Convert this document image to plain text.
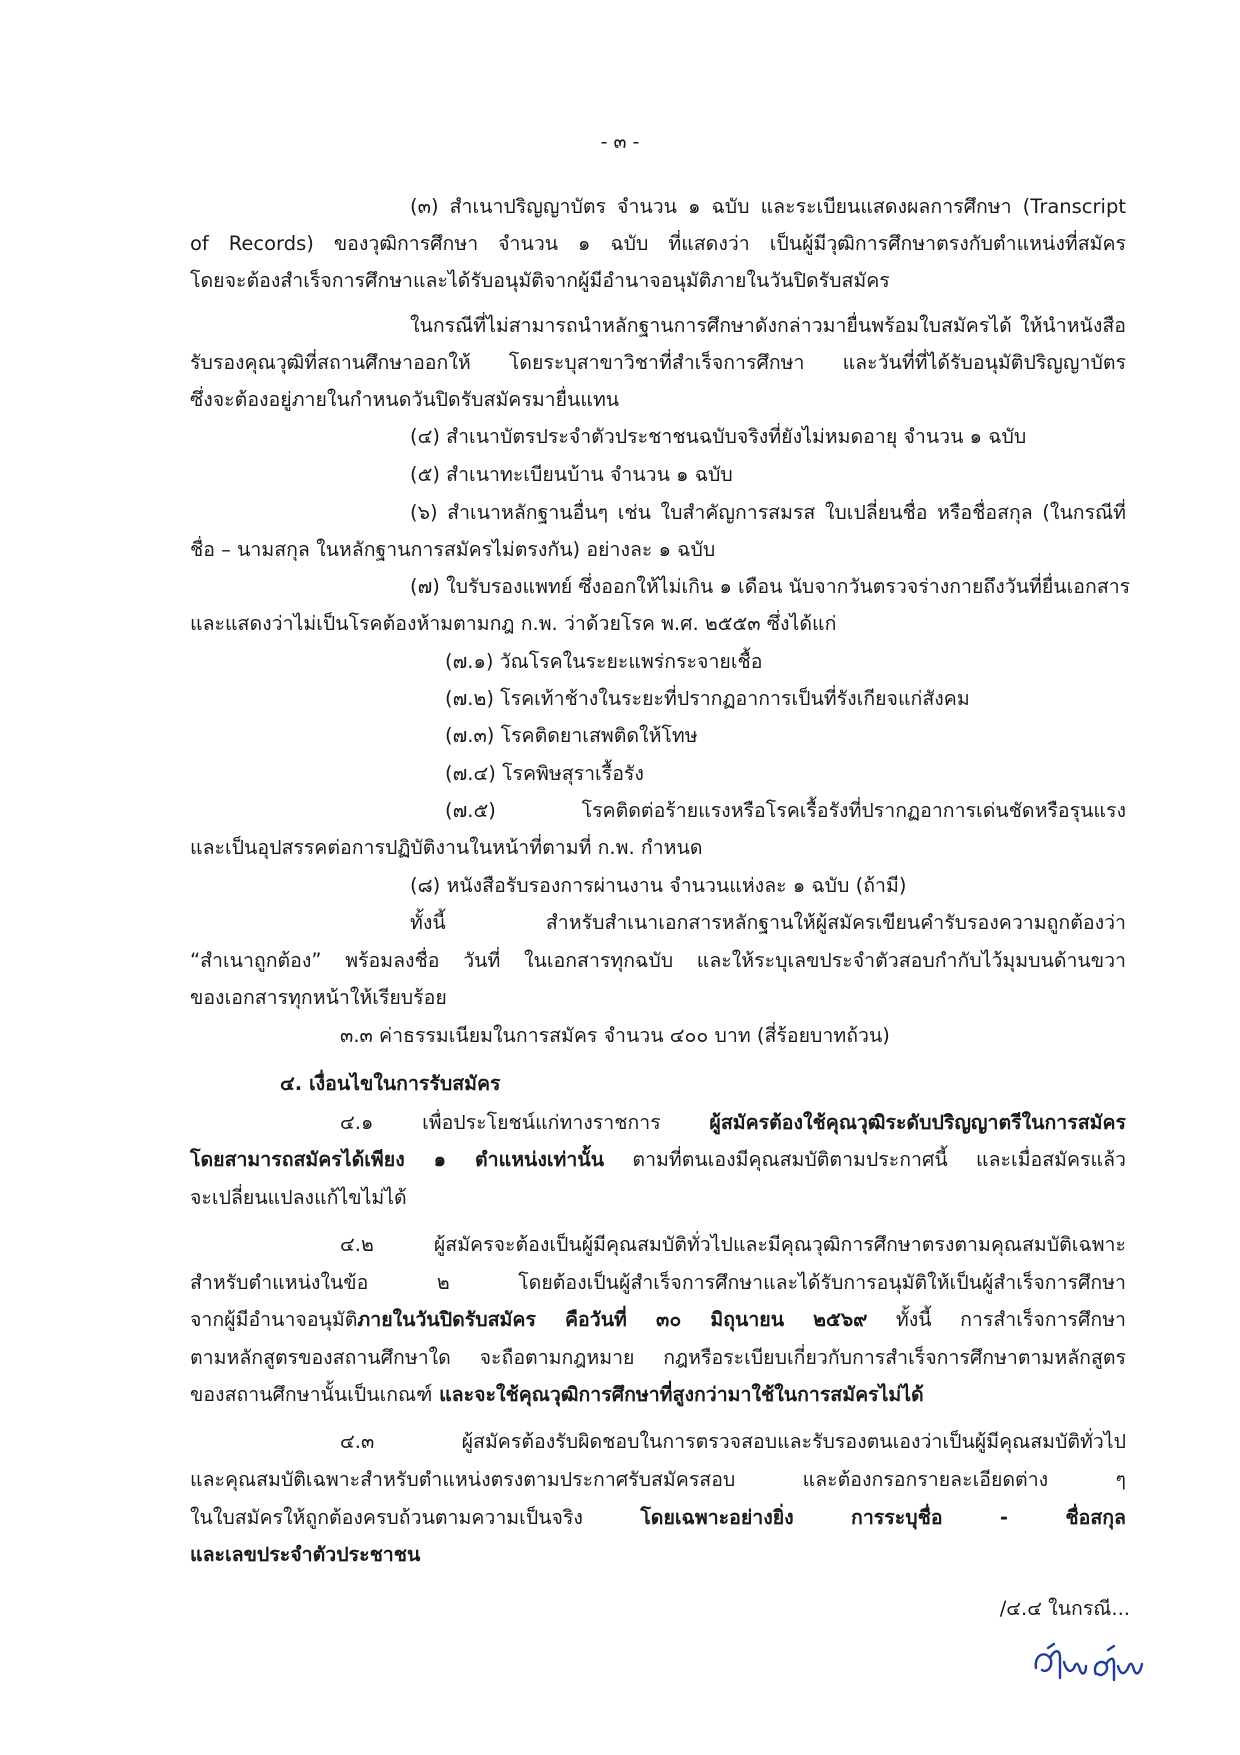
- ๓ -
(๓) สำเนาปริญญาบัตร จำนวน ๑ ฉบับ และระเบียนแสดงผลการศึกษา (Transcript
of Records) ของวุฒิการศึกษา จำนวน ๑ ฉบับ ที่แสดงว่า เป็นผู้มีวุฒิการศึกษาตรงกับตำแหน่งที่สมัคร
โดยจะต้องสำเร็จการศึกษาและได้รับอนุมัติจากผู้มีอำนาจอนุมัติภายในวันปิดรับสมัคร
ในกรณีที่ไม่สามารถนำหลักฐานการศึกษาดังกล่าวมายื่นพร้อมใบสมัครได้ ให้นำหนังสือ
รับรองคุณวุฒิที่สถานศึกษาออกให้ โดยระบุสาขาวิชาที่สำเร็จการศึกษา และวันที่ที่ได้รับอนุมัติปริญญาบัตร
ซึ่งจะต้องอยู่ภายในกำหนดวันปิดรับสมัครมายื่นแทน
(๔) สำเนาบัตรประจำตัวประชาชนฉบับจริงที่ยังไม่หมดอายุ จำนวน ๑ ฉบับ
(๕) สำเนาทะเบียนบ้าน จำนวน ๑ ฉบับ
(๖) สำเนาหลักฐานอื่นๆ เช่น ใบสำคัญการสมรส ใบเปลี่ยนชื่อ หรือชื่อสกุล (ในกรณีที่
ชื่อ – นามสกุล ในหลักฐานการสมัครไม่ตรงกัน) อย่างละ ๑ ฉบับ
(๗) ใบรับรองแพทย์ ซึ่งออกให้ไม่เกิน ๑ เดือน นับจากวันตรวจร่างกายถึงวันที่ยื่นเอกสาร
และแสดงว่าไม่เป็นโรคต้องห้ามตามกฎ ก.พ. ว่าด้วยโรค พ.ศ. ๒๕๕๓ ซึ่งได้แก่
(๗.๑) วัณโรคในระยะแพร่กระจายเชื้อ
(๗.๒) โรคเท้าช้างในระยะที่ปรากฏอาการเป็นที่รังเกียจแก่สังคม
(๗.๓) โรคติดยาเสพติดให้โทษ
(๗.๔) โรคพิษสุราเรื้อรัง
(๗.๕) โรคติดต่อร้ายแรงหรือโรคเรื้อรังที่ปรากฏอาการเด่นชัดหรือรุนแรง
และเป็นอุปสรรคต่อการปฏิบัติงานในหน้าที่ตามที่ ก.พ. กำหนด
(๘) หนังสือรับรองการผ่านงาน จำนวนแห่งละ ๑ ฉบับ (ถ้ามี)
ทั้งนี้ สำหรับสำเนาเอกสารหลักฐานให้ผู้สมัครเขียนคำรับรองความถูกต้องว่า
“สำเนาถูกต้อง” พร้อมลงชื่อ วันที่ ในเอกสารทุกฉบับ และให้ระบุเลขประจำตัวสอบกำกับไว้มุมบนด้านขวา
ของเอกสารทุกหน้าให้เรียบร้อย
๓.๓ ค่าธรรมเนียมในการสมัคร จำนวน ๔๐๐ บาท (สี่ร้อยบาทถ้วน)
๔. เงื่อนไขในการรับสมัคร
๔.๑ เพื่อประโยชน์แก่ทางราชการ ผู้สมัครต้องใช้คุณวุฒิระดับปริญญาตรีในการสมัคร
โดยสามารถสมัครได้เพียง ๑ ตำแหน่งเท่านั้น ตามที่ตนเองมีคุณสมบัติตามประกาศนี้ และเมื่อสมัครแล้ว
จะเปลี่ยนแปลงแก้ไขไม่ได้
๔.๒ ผู้สมัครจะต้องเป็นผู้มีคุณสมบัติทั่วไปและมีคุณวุฒิการศึกษาตรงตามคุณสมบัติเฉพาะ
สำหรับตำแหน่งในข้อ ๒ โดยต้องเป็นผู้สำเร็จการศึกษาและได้รับการอนุมัติให้เป็นผู้สำเร็จการศึกษา
จากผู้มีอำนาจอนุมัติภายในวันปิดรับสมัคร คือวันที่ ๓๐ มิถุนายน ๒๕๖๙ ทั้งนี้ การสำเร็จการศึกษา
ตามหลักสูตรของสถานศึกษาใด จะถือตามกฎหมาย กฎหรือระเบียบเกี่ยวกับการสำเร็จการศึกษาตามหลักสูตร
ของสถานศึกษานั้นเป็นเกณฑ์ และจะใช้คุณวุฒิการศึกษาที่สูงกว่ามาใช้ในการสมัครไม่ได้
๔.๓ ผู้สมัครต้องรับผิดชอบในการตรวจสอบและรับรองตนเองว่าเป็นผู้มีคุณสมบัติทั่วไป
และคุณสมบัติเฉพาะสำหรับตำแหน่งตรงตามประกาศรับสมัครสอบ และต้องกรอกรายละเอียดต่าง ๆ
ในใบสมัครให้ถูกต้องครบถ้วนตามความเป็นจริง โดยเฉพาะอย่างยิ่ง การระบุชื่อ - ชื่อสกุล
และเลขประจำตัวประชาชน
/๔.๔ ในกรณี...
